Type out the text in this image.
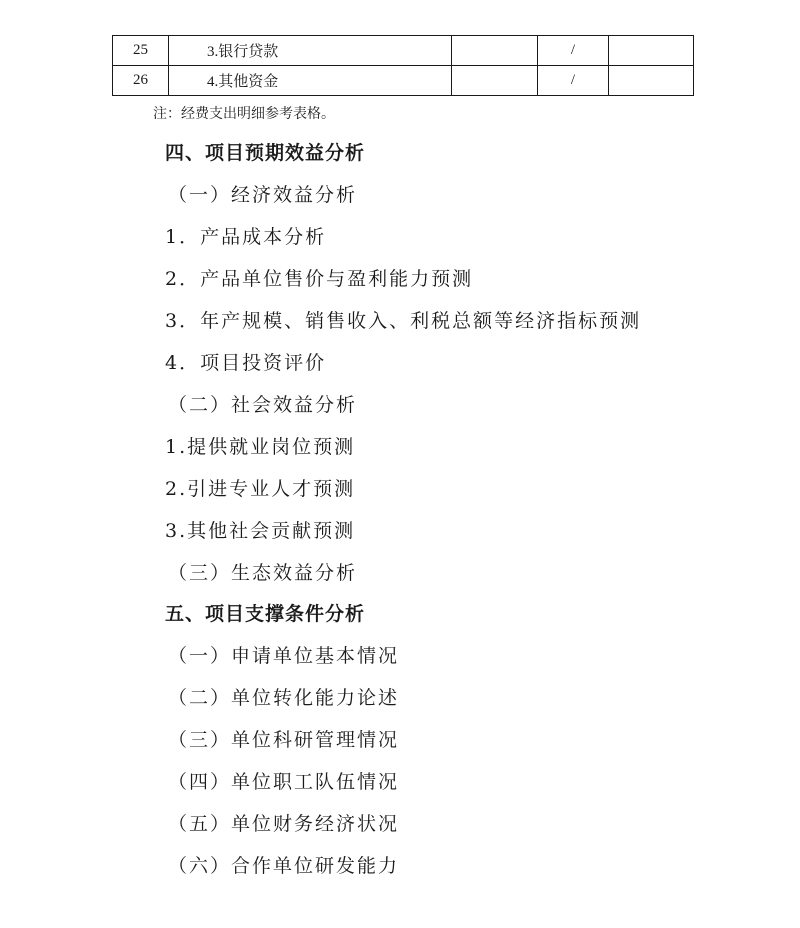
25	3.银行贷款		/	
26	4.其他资金		/	
注：经费支出明细参考表格。
四、项目预期效益分析
（一）经济效益分析
1．产品成本分析
2．产品单位售价与盈利能力预测
3．年产规模、销售收入、利税总额等经济指标预测
4．项目投资评价
（二）社会效益分析
1.提供就业岗位预测
2.引进专业人才预测
3.其他社会贡献预测
（三）生态效益分析
五、项目支撑条件分析
（一）申请单位基本情况
（二）单位转化能力论述
（三）单位科研管理情况
（四）单位职工队伍情况
（五）单位财务经济状况
（六）合作单位研发能力
